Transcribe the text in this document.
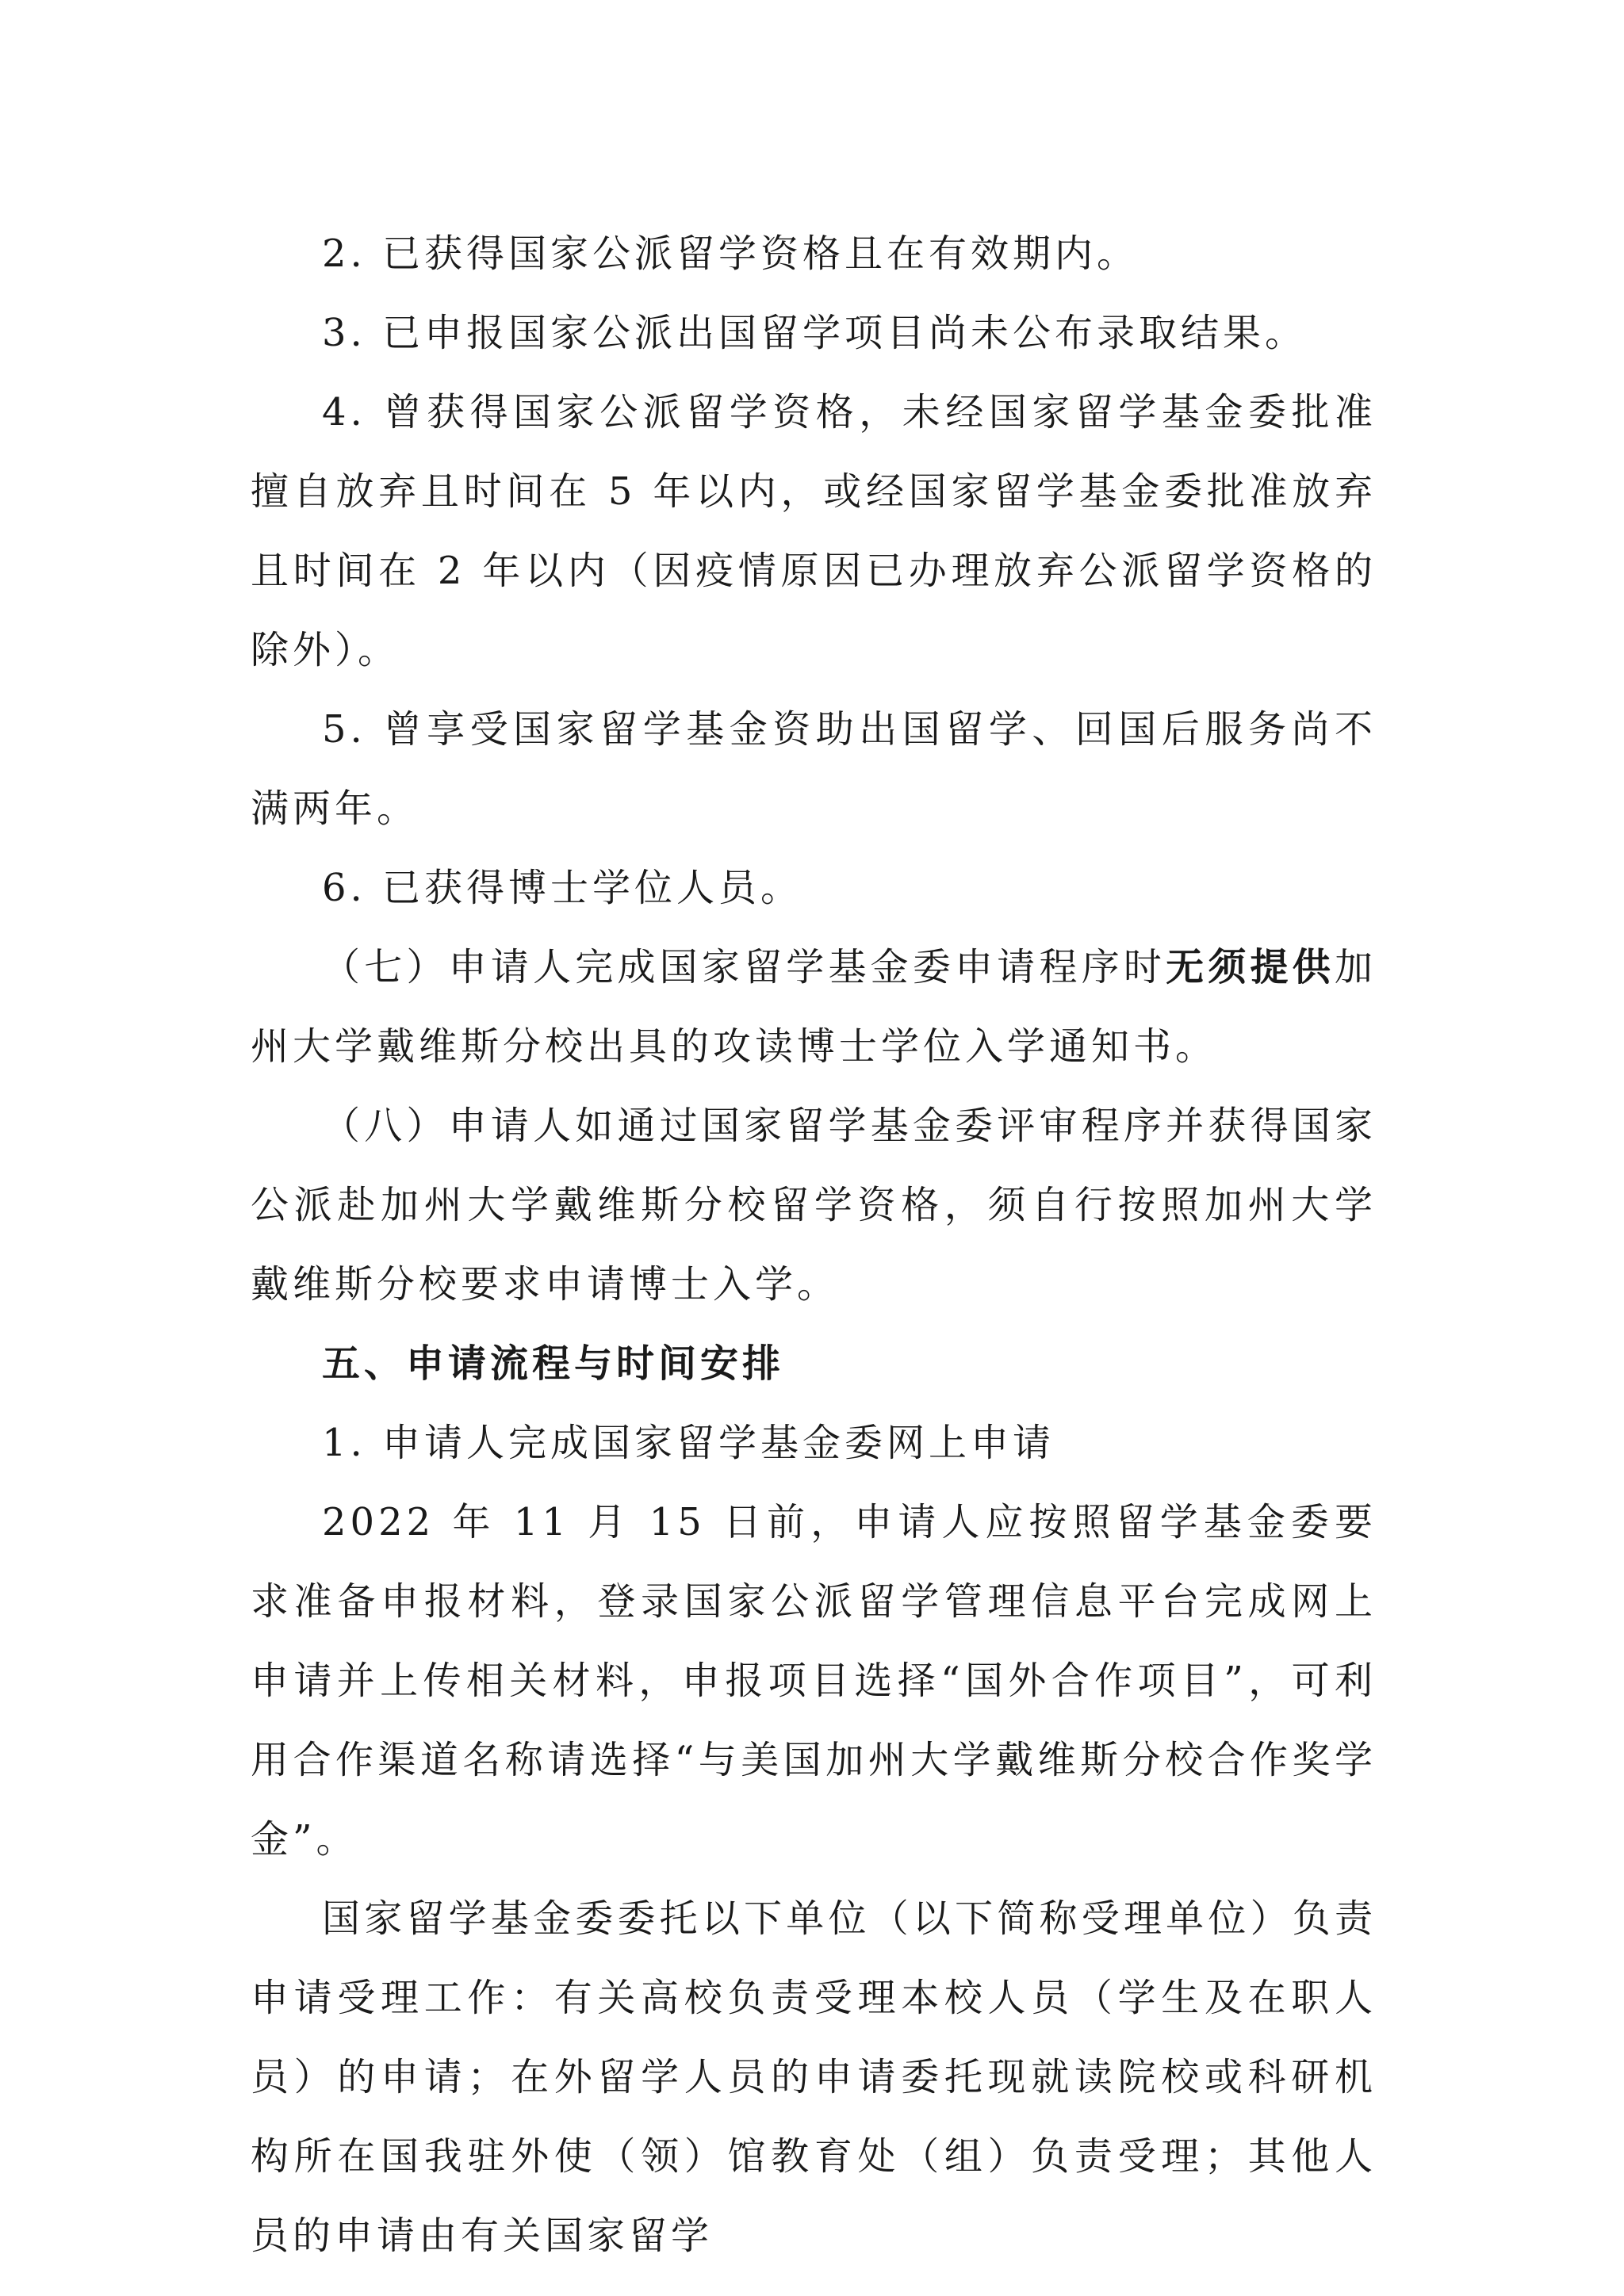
2. 已获得国家公派留学资格且在有效期内。

3. 已申报国家公派出国留学项目尚未公布录取结果。

4. 曾获得国家公派留学资格，未经国家留学基金委批准擅自放弃且时间在 5 年以内，或经国家留学基金委批准放弃且时间在 2 年以内（因疫情原因已办理放弃公派留学资格的除外）。

5. 曾享受国家留学基金资助出国留学、回国后服务尚不满两年。

6. 已获得博士学位人员。

（七）申请人完成国家留学基金委申请程序时无须提供加州大学戴维斯分校出具的攻读博士学位入学通知书。

（八）申请人如通过国家留学基金委评审程序并获得国家公派赴加州大学戴维斯分校留学资格，须自行按照加州大学戴维斯分校要求申请博士入学。

五、申请流程与时间安排

1. 申请人完成国家留学基金委网上申请

2022 年 11 月 15 日前，申请人应按照留学基金委要求准备申报材料，登录国家公派留学管理信息平台完成网上申请并上传相关材料，申报项目选择“国外合作项目”，可利用合作渠道名称请选择“与美国加州大学戴维斯分校合作奖学金”。

国家留学基金委委托以下单位（以下简称受理单位）负责申请受理工作：有关高校负责受理本校人员（学生及在职人员）的申请；在外留学人员的申请委托现就读院校或科研机构所在国我驻外使（领）馆教育处（组）负责受理；其他人员的申请由有关国家留学
